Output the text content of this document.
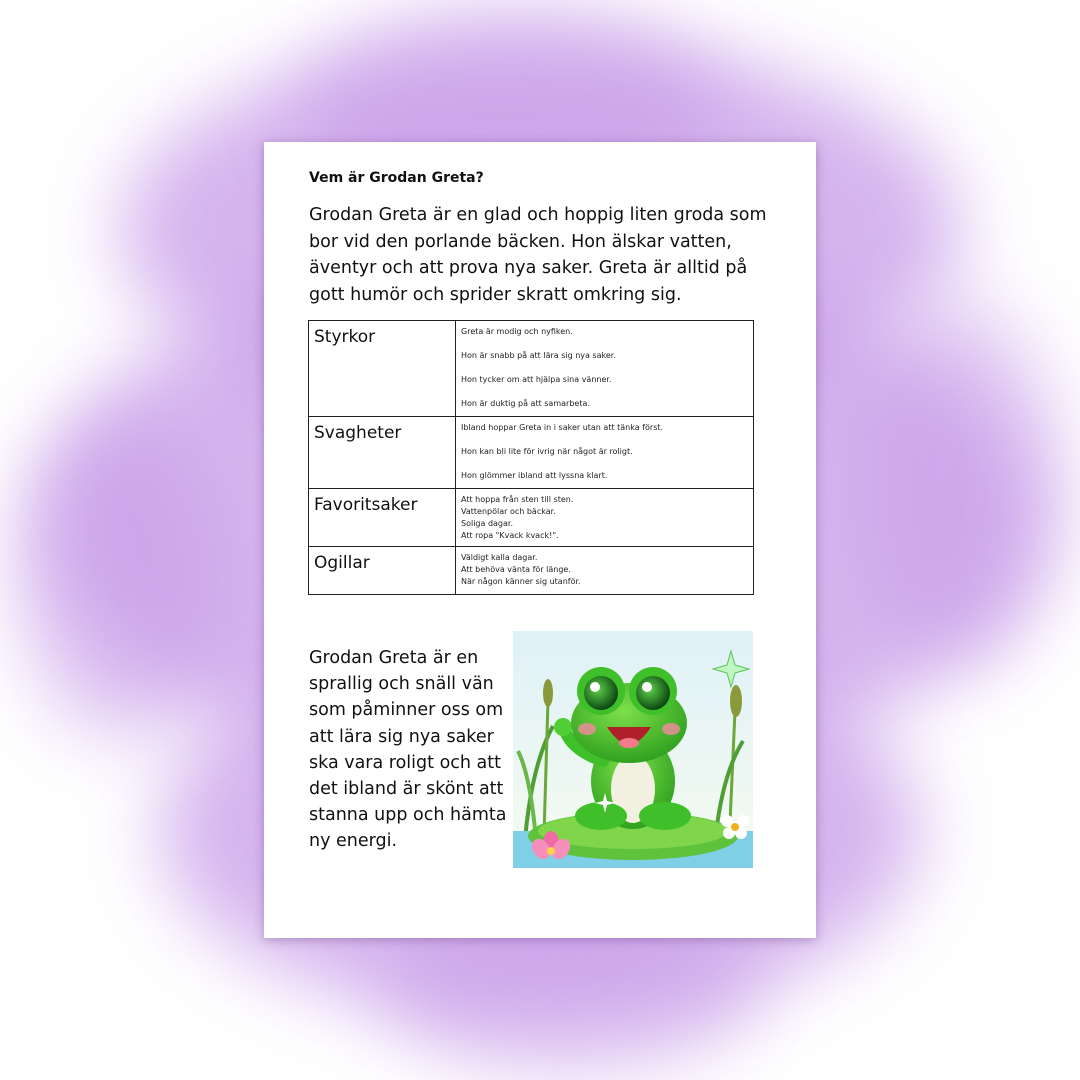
Vem är Grodan Greta?

Grodan Greta är en glad och hoppig liten groda som bor vid den porlande bäcken. Hon älskar vatten, äventyr och att prova nya saker. Greta är alltid på gott humör och sprider skratt omkring sig.

Styrkor	Greta är modig och nyfiken.
Hon är snabb på att lära sig nya saker.
Hon tycker om att hjälpa sina vänner.
Hon är duktig på att samarbeta.

Svagheter	Ibland hoppar Greta in i saker utan att tänka först.
Hon kan bli lite för ivrig när något är roligt.
Hon glömmer ibland att lyssna klart.

Favoritsaker	Att hoppa från sten till sten.
Vattenpölar och bäckar.
Soliga dagar.
Att ropa "Kvack kvack!".

Ogillar	Väldigt kalla dagar.
Att behöva vänta för länge.
När någon känner sig utanför.

Grodan Greta är en sprallig och snäll vän som påminner oss om att lära sig nya saker ska vara roligt och att det ibland är skönt att stanna upp och hämta ny energi.
